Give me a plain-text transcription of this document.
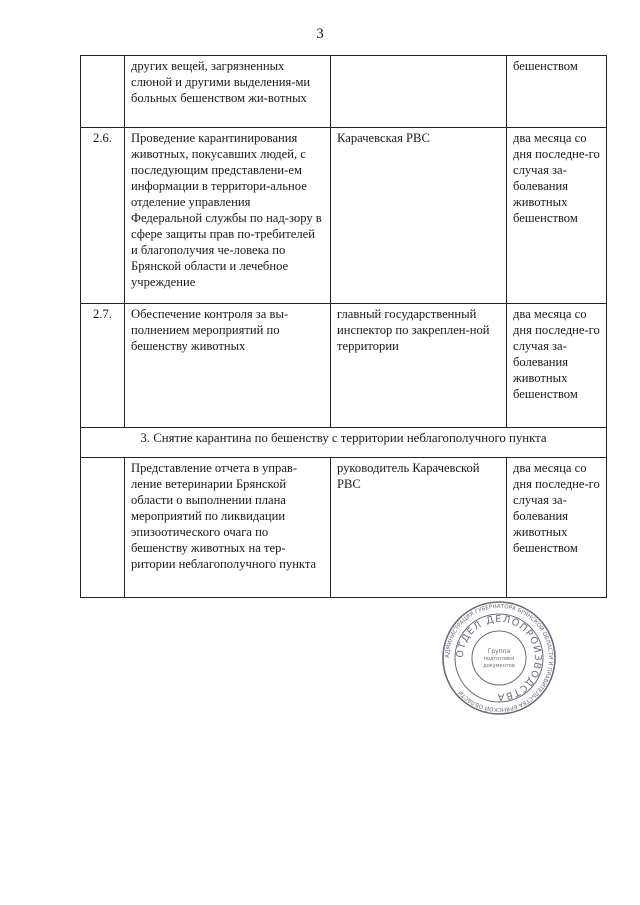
3
	других вещей, загрязненных слюной и другими выделения-ми больных бешенством жи-вотных		бешенством
2.6.	Проведение карантинирования животных, покусавших людей, с последующим представлени-ем информации в территори-альное отделение управления Федеральной службы по над-зору в сфере защиты прав по-требителей и благополучия че-ловека по Брянской области и лечебное учреждение	Карачевская РВС	два месяца со дня последне-го случая за-болевания животных бешенством
2.7.	Обеспечение контроля за вы-полнением мероприятий по бешенству животных	главный государственный инспектор по закреплен-ной территории	два месяца со дня последне-го случая за-болевания животных бешенством
3. Снятие карантина по бешенству с территории неблагополучного пункта			
	Представление отчета в управ-ление ветеринарии Брянской области о выполнении плана мероприятий по ликвидации эпизоотического очага по бешенству животных на тер-ритории неблагополучного пункта	руководитель Карачевской РВС	два месяца со дня последне-го случая за-болевания животных бешенством
АДМИНИСТРАЦИЯ ГУБЕРНАТОРА БРЯНСКОЙ ОБЛАСТИ И ПРАВИТЕЛЬСТВА БРЯНСКОЙ ОБЛАСТИ
ОТДЕЛ ДЕЛОПРОИЗВОДСТВА
Группа
подготовки
документов
